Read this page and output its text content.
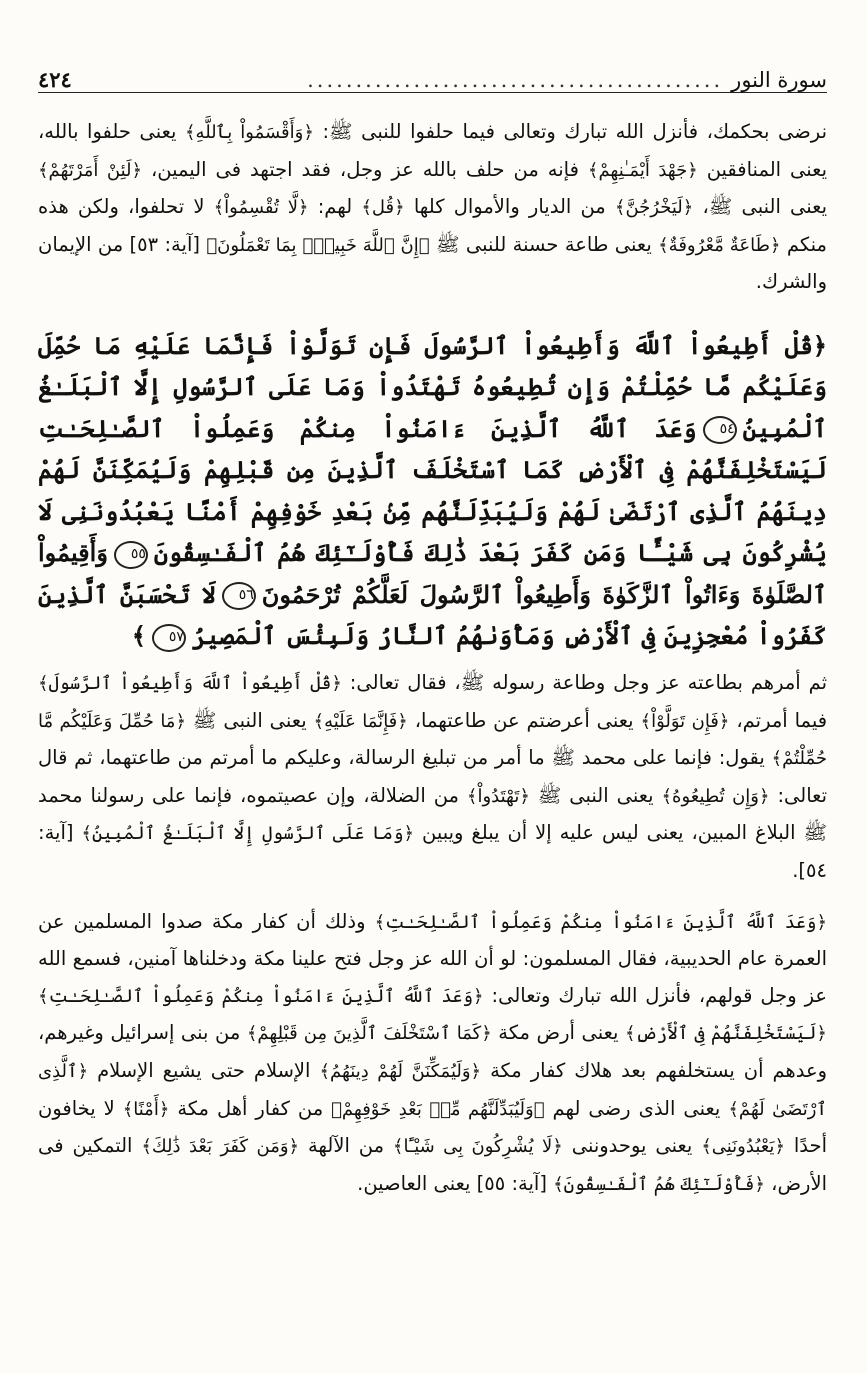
سورة النور
...........................................
٤٢٤

نرضى بحكمك، فأنزل الله تبارك وتعالى فيما حلفوا للنبى ﷺ: ﴿وَأَقْسَمُواْ بِٱللَّهِ﴾ يعنى حلفوا بالله، يعنى المنافقين ﴿جَهْدَ أَيْمَـٰنِهِمْ﴾ فإنه من حلف بالله عز وجل، فقد اجتهد فى اليمين، ﴿لَئِنْ أَمَرْتَهُمْ﴾ يعنى النبى ﷺ، ﴿لَيَخْرُجُنَّ﴾ من الديار والأموال كلها ﴿قُل﴾ لهم: ﴿لَّا تُقْسِمُواْ﴾ لا تحلفوا، ولكن هذه منكم ﴿طَاعَةٌ مَّعْرُوفَةٌ﴾ يعنى طاعة حسنة للنبى ﷺ ﴿إِنَّ ٱللَّهَ خَبِيرٌۢ بِمَا تَعْمَلُونَ﴾ [آية: ٥٣] من الإيمان والشرك.

﴿قُلْ أَطِيعُواْ ٱللَّهَ وَأَطِيعُواْ ٱلرَّسُولَ فَإِن تَوَلَّوْاْ فَإِنَّمَا عَلَيْهِ مَا حُمِّلَ وَعَلَيْكُم مَّا حُمِّلْتُمْ وَإِن تُطِيعُوهُ تَهْتَدُواْ وَمَا عَلَى ٱلرَّسُولِ إِلَّا ٱلْبَلَـٰغُ ٱلْمُبِينُ٥٤وَعَدَ ٱللَّهُ ٱلَّذِينَ ءَامَنُواْ مِنكُمْ وَعَمِلُواْ ٱلصَّـٰلِحَـٰتِ لَيَسْتَخْلِفَنَّهُمْ فِى ٱلْأَرْضِ كَمَا ٱسْتَخْلَفَ ٱلَّذِينَ مِن قَبْلِهِمْ وَلَيُمَكِّنَنَّ لَهُمْ دِينَهُمُ ٱلَّذِى ٱرْتَضَىٰ لَهُمْ وَلَيُبَدِّلَنَّهُم مِّنۢ بَعْدِ خَوْفِهِمْ أَمْنًا يَعْبُدُونَنِى لَا يُشْرِكُونَ بِى شَيْـًٔا وَمَن كَفَرَ بَعْدَ ذَٰلِكَ فَأُوْلَـٰٓئِكَ هُمُ ٱلْفَـٰسِقُونَ٥٥وَأَقِيمُواْ ٱلصَّلَوٰةَ وَءَاتُواْ ٱلزَّكَوٰةَ وَأَطِيعُواْ ٱلرَّسُولَ لَعَلَّكُمْ تُرْحَمُونَ٥٦لَا تَحْسَبَنَّ ٱلَّذِينَ كَفَرُواْ مُعْجِزِينَ فِى ٱلْأَرْضِ وَمَأْوَىٰهُمُ ٱلنَّارُ وَلَبِئْسَ ٱلْمَصِيرُ٥٧﴾

ثم أمرهم بطاعته عز وجل وطاعة رسوله ﷺ، فقال تعالى: ﴿قُلْ أَطِيعُواْ ٱللَّهَ وَأَطِيعُواْ ٱلرَّسُولَ﴾ فيما أمرتم، ﴿فَإِن تَوَلَّوْاْ﴾ يعنى أعرضتم عن طاعتهما، ﴿فَإِنَّمَا عَلَيْهِ﴾ يعنى النبى ﷺ ﴿مَا حُمِّلَ وَعَلَيْكُم مَّا حُمِّلْتُمْ﴾ يقول: فإنما على محمد ﷺ ما أمر من تبليغ الرسالة، وعليكم ما أمرتم من طاعتهما، ثم قال تعالى: ﴿وَإِن تُطِيعُوهُ﴾ يعنى النبى ﷺ ﴿تَهْتَدُواْ﴾ من الضلالة، وإن عصيتموه، فإنما على رسولنا محمد ﷺ البلاغ المبين، يعنى ليس عليه إلا أن يبلغ ويبين ﴿وَمَا عَلَى ٱلرَّسُولِ إِلَّا ٱلْبَلَـٰغُ ٱلْمُبِينُ﴾ [آية: ٥٤].

﴿وَعَدَ ٱللَّهُ ٱلَّذِينَ ءَامَنُواْ مِنكُمْ وَعَمِلُواْ ٱلصَّـٰلِحَـٰتِ﴾ وذلك أن كفار مكة صدوا المسلمين عن العمرة عام الحديبية، فقال المسلمون: لو أن الله عز وجل فتح علينا مكة ودخلناها آمنين، فسمع الله عز وجل قولهم، فأنزل الله تبارك وتعالى: ﴿وَعَدَ ٱللَّهُ ٱلَّذِينَ ءَامَنُواْ مِنكُمْ وَعَمِلُواْ ٱلصَّـٰلِحَـٰتِ﴾ ﴿لَيَسْتَخْلِفَنَّهُمْ فِى ٱلْأَرْضِ﴾ يعنى أرض مكة ﴿كَمَا ٱسْتَخْلَفَ ٱلَّذِينَ مِن قَبْلِهِمْ﴾ من بنى إسرائيل وغيرهم، وعدهم أن يستخلفهم بعد هلاك كفار مكة ﴿وَلَيُمَكِّنَنَّ لَهُمْ دِينَهُمُ﴾ الإسلام حتى يشيع الإسلام ﴿ٱلَّذِى ٱرْتَضَىٰ لَهُمْ﴾ يعنى الذى رضى لهم ﴿وَلَيُبَدِّلَنَّهُم مِّنۢ بَعْدِ خَوْفِهِمْ﴾ من كفار أهل مكة ﴿أَمْنًا﴾ لا يخافون أحدًا ﴿يَعْبُدُونَنِى﴾ يعنى يوحدوننى ﴿لَا يُشْرِكُونَ بِى شَيْـًٔا﴾ من الآلهة ﴿وَمَن كَفَرَ بَعْدَ ذَٰلِكَ﴾ التمكين فى الأرض، ﴿فَأُوْلَـٰٓئِكَ هُمُ ٱلْفَـٰسِقُونَ﴾ [آية: ٥٥] يعنى العاصين.
